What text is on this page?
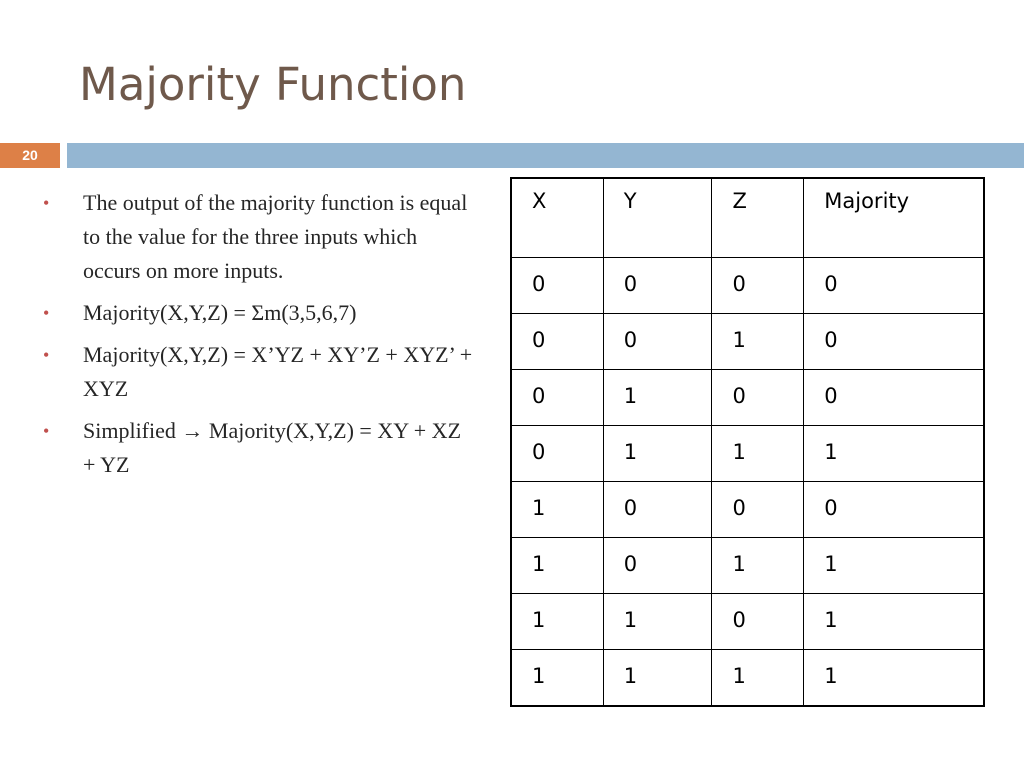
Majority Function
20
• The output of the majority function is equal to the value for the three inputs which occurs on more inputs.
• Majority(X,Y,Z) = Σm(3,5,6,7)
• Majority(X,Y,Z) = X’YZ + XY’Z + XYZ’ + XYZ
• Simplified → Majority(X,Y,Z) = XY + XZ + YZ
X	Y	Z	Majority
0	0	0	0
0	0	1	0
0	1	0	0
0	1	1	1
1	0	0	0
1	0	1	1
1	1	0	1
1	1	1	1
